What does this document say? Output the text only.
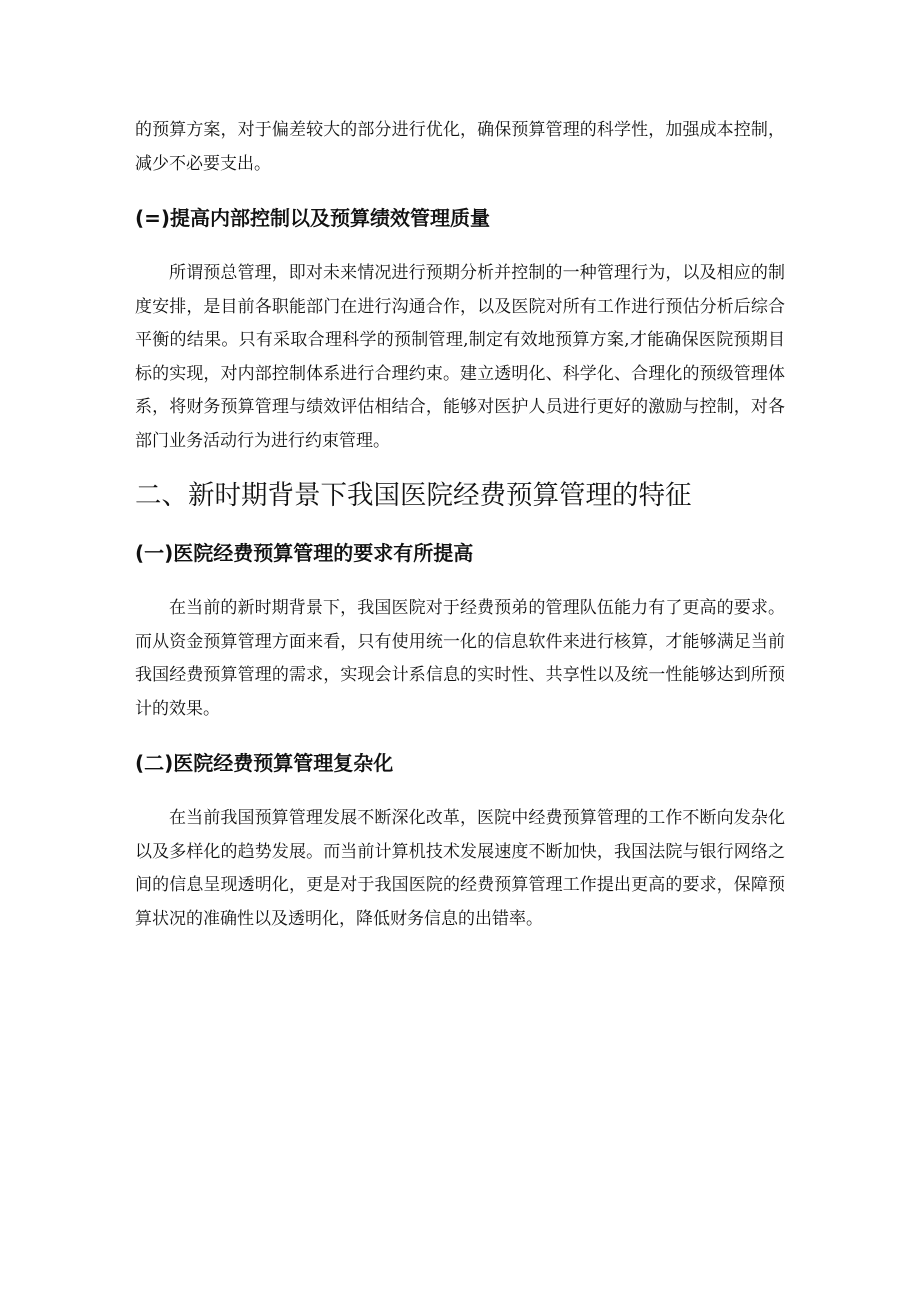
的预算方案，对于偏差较大的部分进行优化，确保预算管理的科学性，加强成本控制，减少不必要支出。

(=)提高内部控制以及预算绩效管理质量

所谓预总管理，即对未来情况进行预期分析并控制的一种管理行为，以及相应的制度安排，是目前各职能部门在进行沟通合作，以及医院对所有工作进行预估分析后综合平衡的结果。只有采取合理科学的预制管理,制定有效地预算方案,才能确保医院预期目标的实现，对内部控制体系进行合理约束。建立透明化、科学化、合理化的预级管理体系，将财务预算管理与绩效评估相结合，能够对医护人员进行更好的激励与控制，对各部门业务活动行为进行约束管理。

二、新时期背景下我国医院经费预算管理的特征
(一)医院经费预算管理的要求有所提高

在当前的新时期背景下，我国医院对于经费预弟的管理队伍能力有了更高的要求。而从资金预算管理方面来看，只有使用统一化的信息软件来进行核算，才能够满足当前我国经费预算管理的需求，实现会计系信息的实时性、共享性以及统一性能够达到所预计的效果。

(二)医院经费预算管理复杂化

在当前我国预算管理发展不断深化改革，医院中经费预算管理的工作不断向发杂化以及多样化的趋势发展。而当前计算机技术发展速度不断加快，我国法院与银行网络之间的信息呈现透明化，更是对于我国医院的经费预算管理工作提出更高的要求，保障预算状况的准确性以及透明化，降低财务信息的出错率。
